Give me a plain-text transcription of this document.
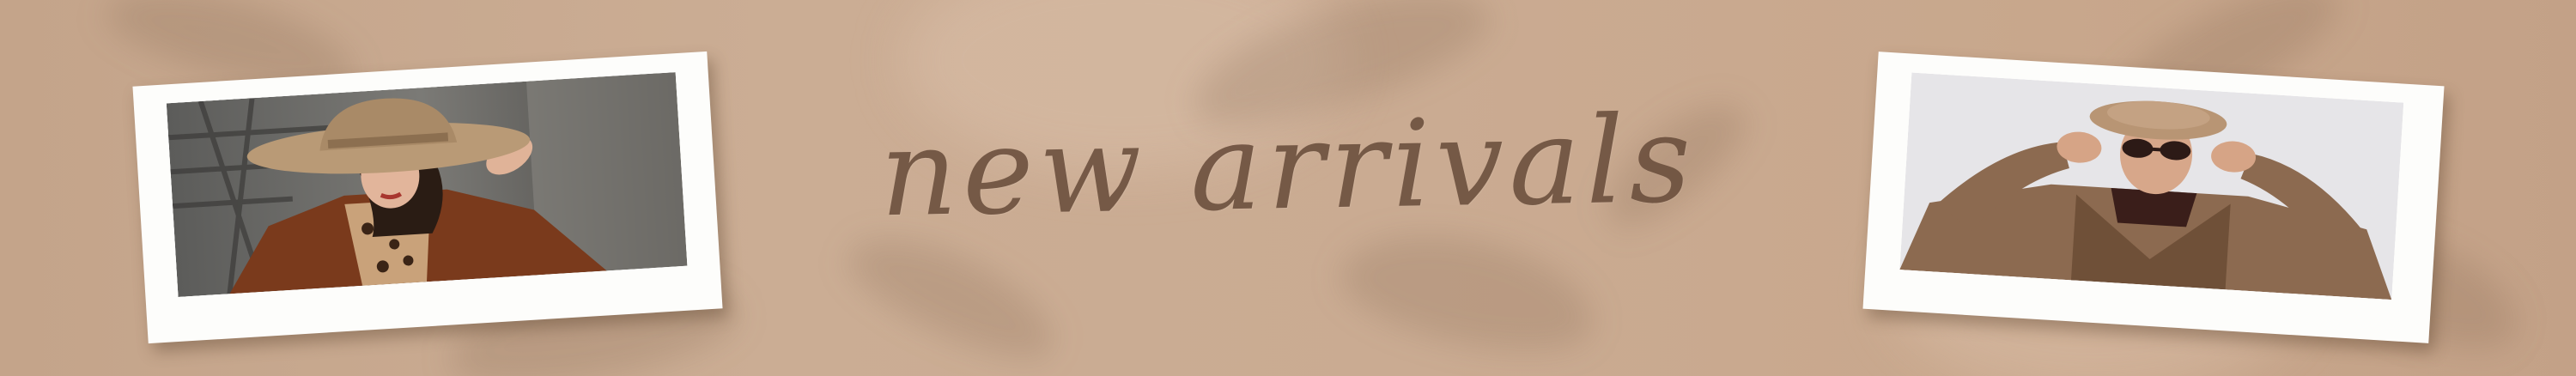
new arrivals
